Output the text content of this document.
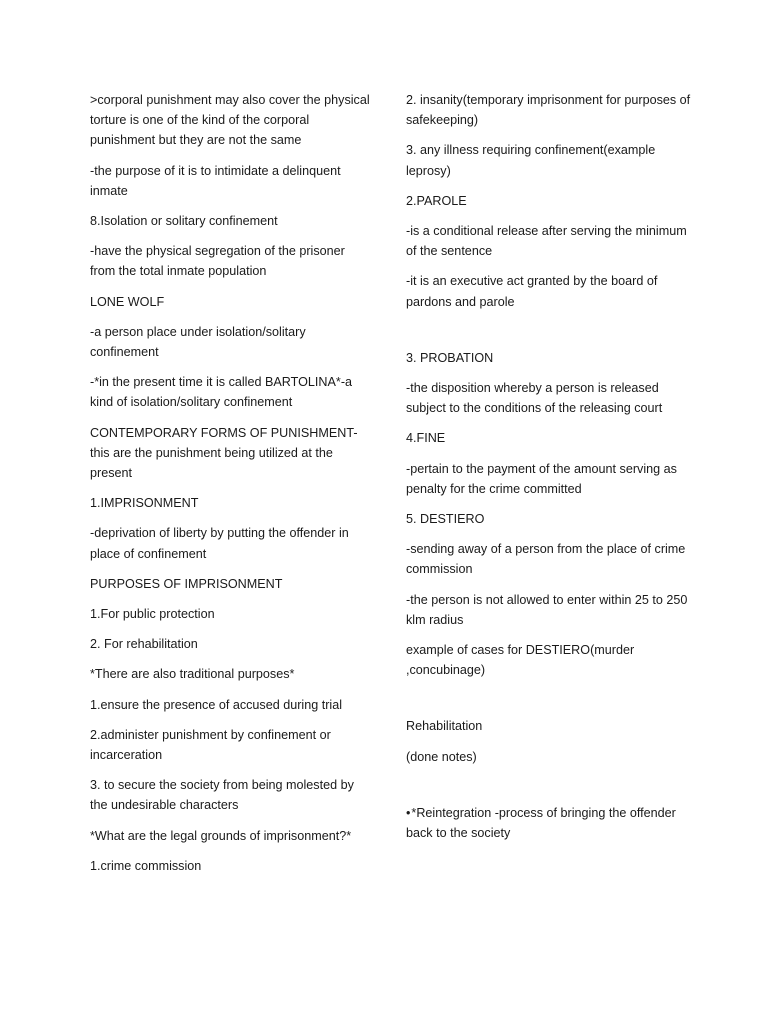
>corporal punishment may also cover the physical torture is one of the kind of the corporal punishment but they are not the same

-the purpose of it is to intimidate a delinquent inmate

8.Isolation or solitary confinement

-have the physical segregation of the prisoner from the total inmate population

LONE WOLF

-a person place under isolation/solitary confinement

-*in the present time it is called BARTOLINA*-a kind of isolation/solitary confinement

CONTEMPORARY FORMS OF PUNISHMENT-this are the punishment being utilized at the present

1.IMPRISONMENT

-deprivation of liberty by putting the offender in place of confinement

PURPOSES OF IMPRISONMENT

1.For public protection

2. For rehabilitation

*There are also traditional purposes*

1.ensure the presence of accused during trial

2.administer punishment by confinement or incarceration

3. to secure the society from being molested by the undesirable characters

*What are the legal grounds of imprisonment?*

1.crime commission

2. insanity(temporary imprisonment for purposes of safekeeping)

3. any illness requiring confinement(example leprosy)

2.PAROLE

-is a conditional release after serving the minimum of the sentence

-it is an executive act granted by the board of pardons and parole

3. PROBATION

-the disposition whereby a person is released subject to the conditions of the releasing court

4.FINE

-pertain to the payment of the amount serving as penalty for the crime committed

5. DESTIERO

-sending away of a person from the place of crime commission

-the person is not allowed to enter within 25 to 250 klm radius

example of cases for DESTIERO(murder ,concubinage)

Rehabilitation

(done notes)

•*Reintegration -process of bringing the offender back to the society
